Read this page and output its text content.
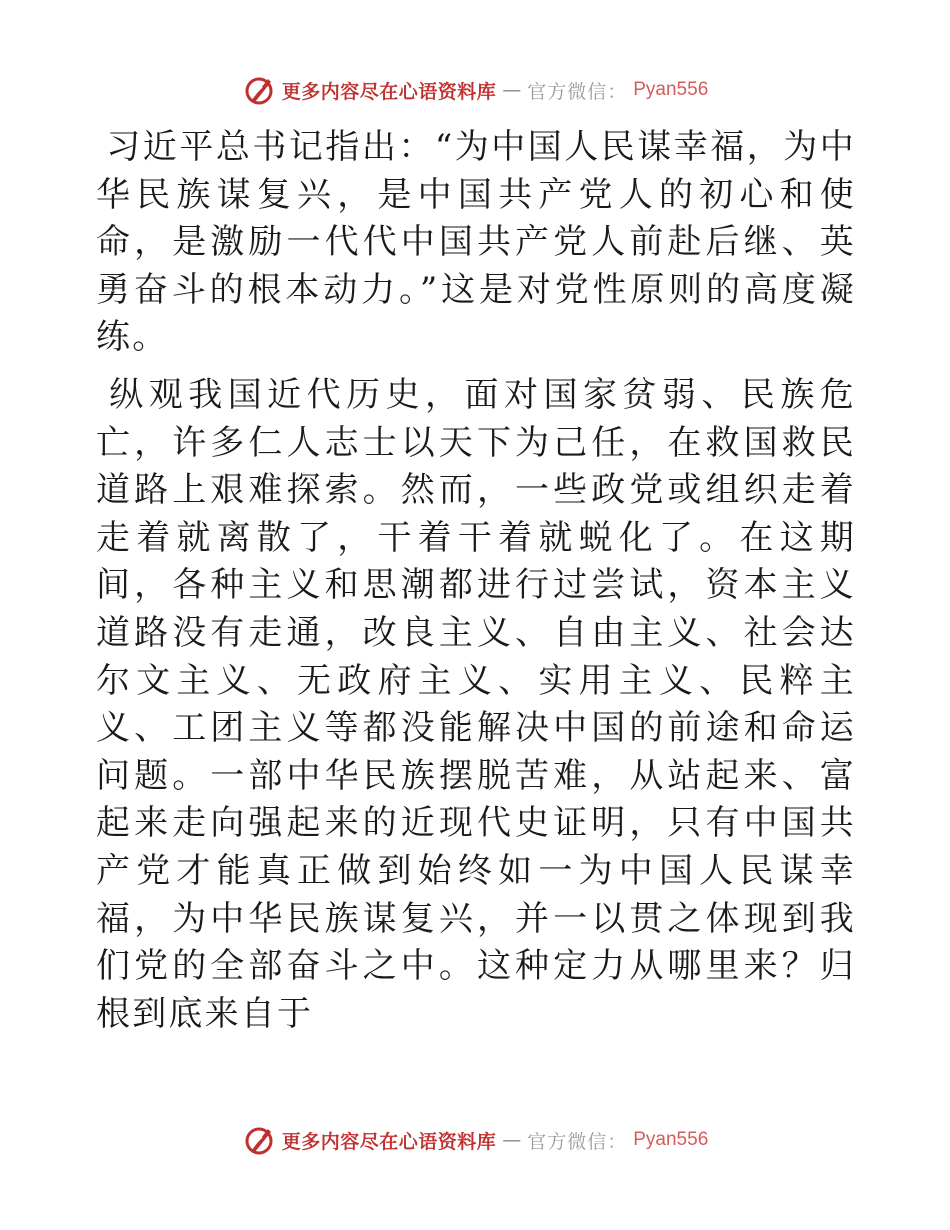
更多内容尽在心语资料库 — 官方微信： Pyan556

习近平总书记指出：“为中国人民谋幸福，为中华民族谋复兴，是中国共产党人的初心和使命，是激励一代代中国共产党人前赴后继、英勇奋斗的根本动力。”这是对党性原则的高度凝练。

纵观我国近代历史，面对国家贫弱、民族危亡，许多仁人志士以天下为己任，在救国救民道路上艰难探索。然而，一些政党或组织走着走着就离散了，干着干着就蜕化了。在这期间，各种主义和思潮都进行过尝试，资本主义道路没有走通，改良主义、自由主义、社会达尔文主义、无政府主义、实用主义、民粹主义、工团主义等都没能解决中国的前途和命运问题。一部中华民族摆脱苦难，从站起来、富起来走向强起来的近现代史证明，只有中国共产党才能真正做到始终如一为中国人民谋幸福，为中华民族谋复兴，并一以贯之体现到我们党的全部奋斗之中。这种定力从哪里来？归根到底来自于

更多内容尽在心语资料库 — 官方微信： Pyan556
